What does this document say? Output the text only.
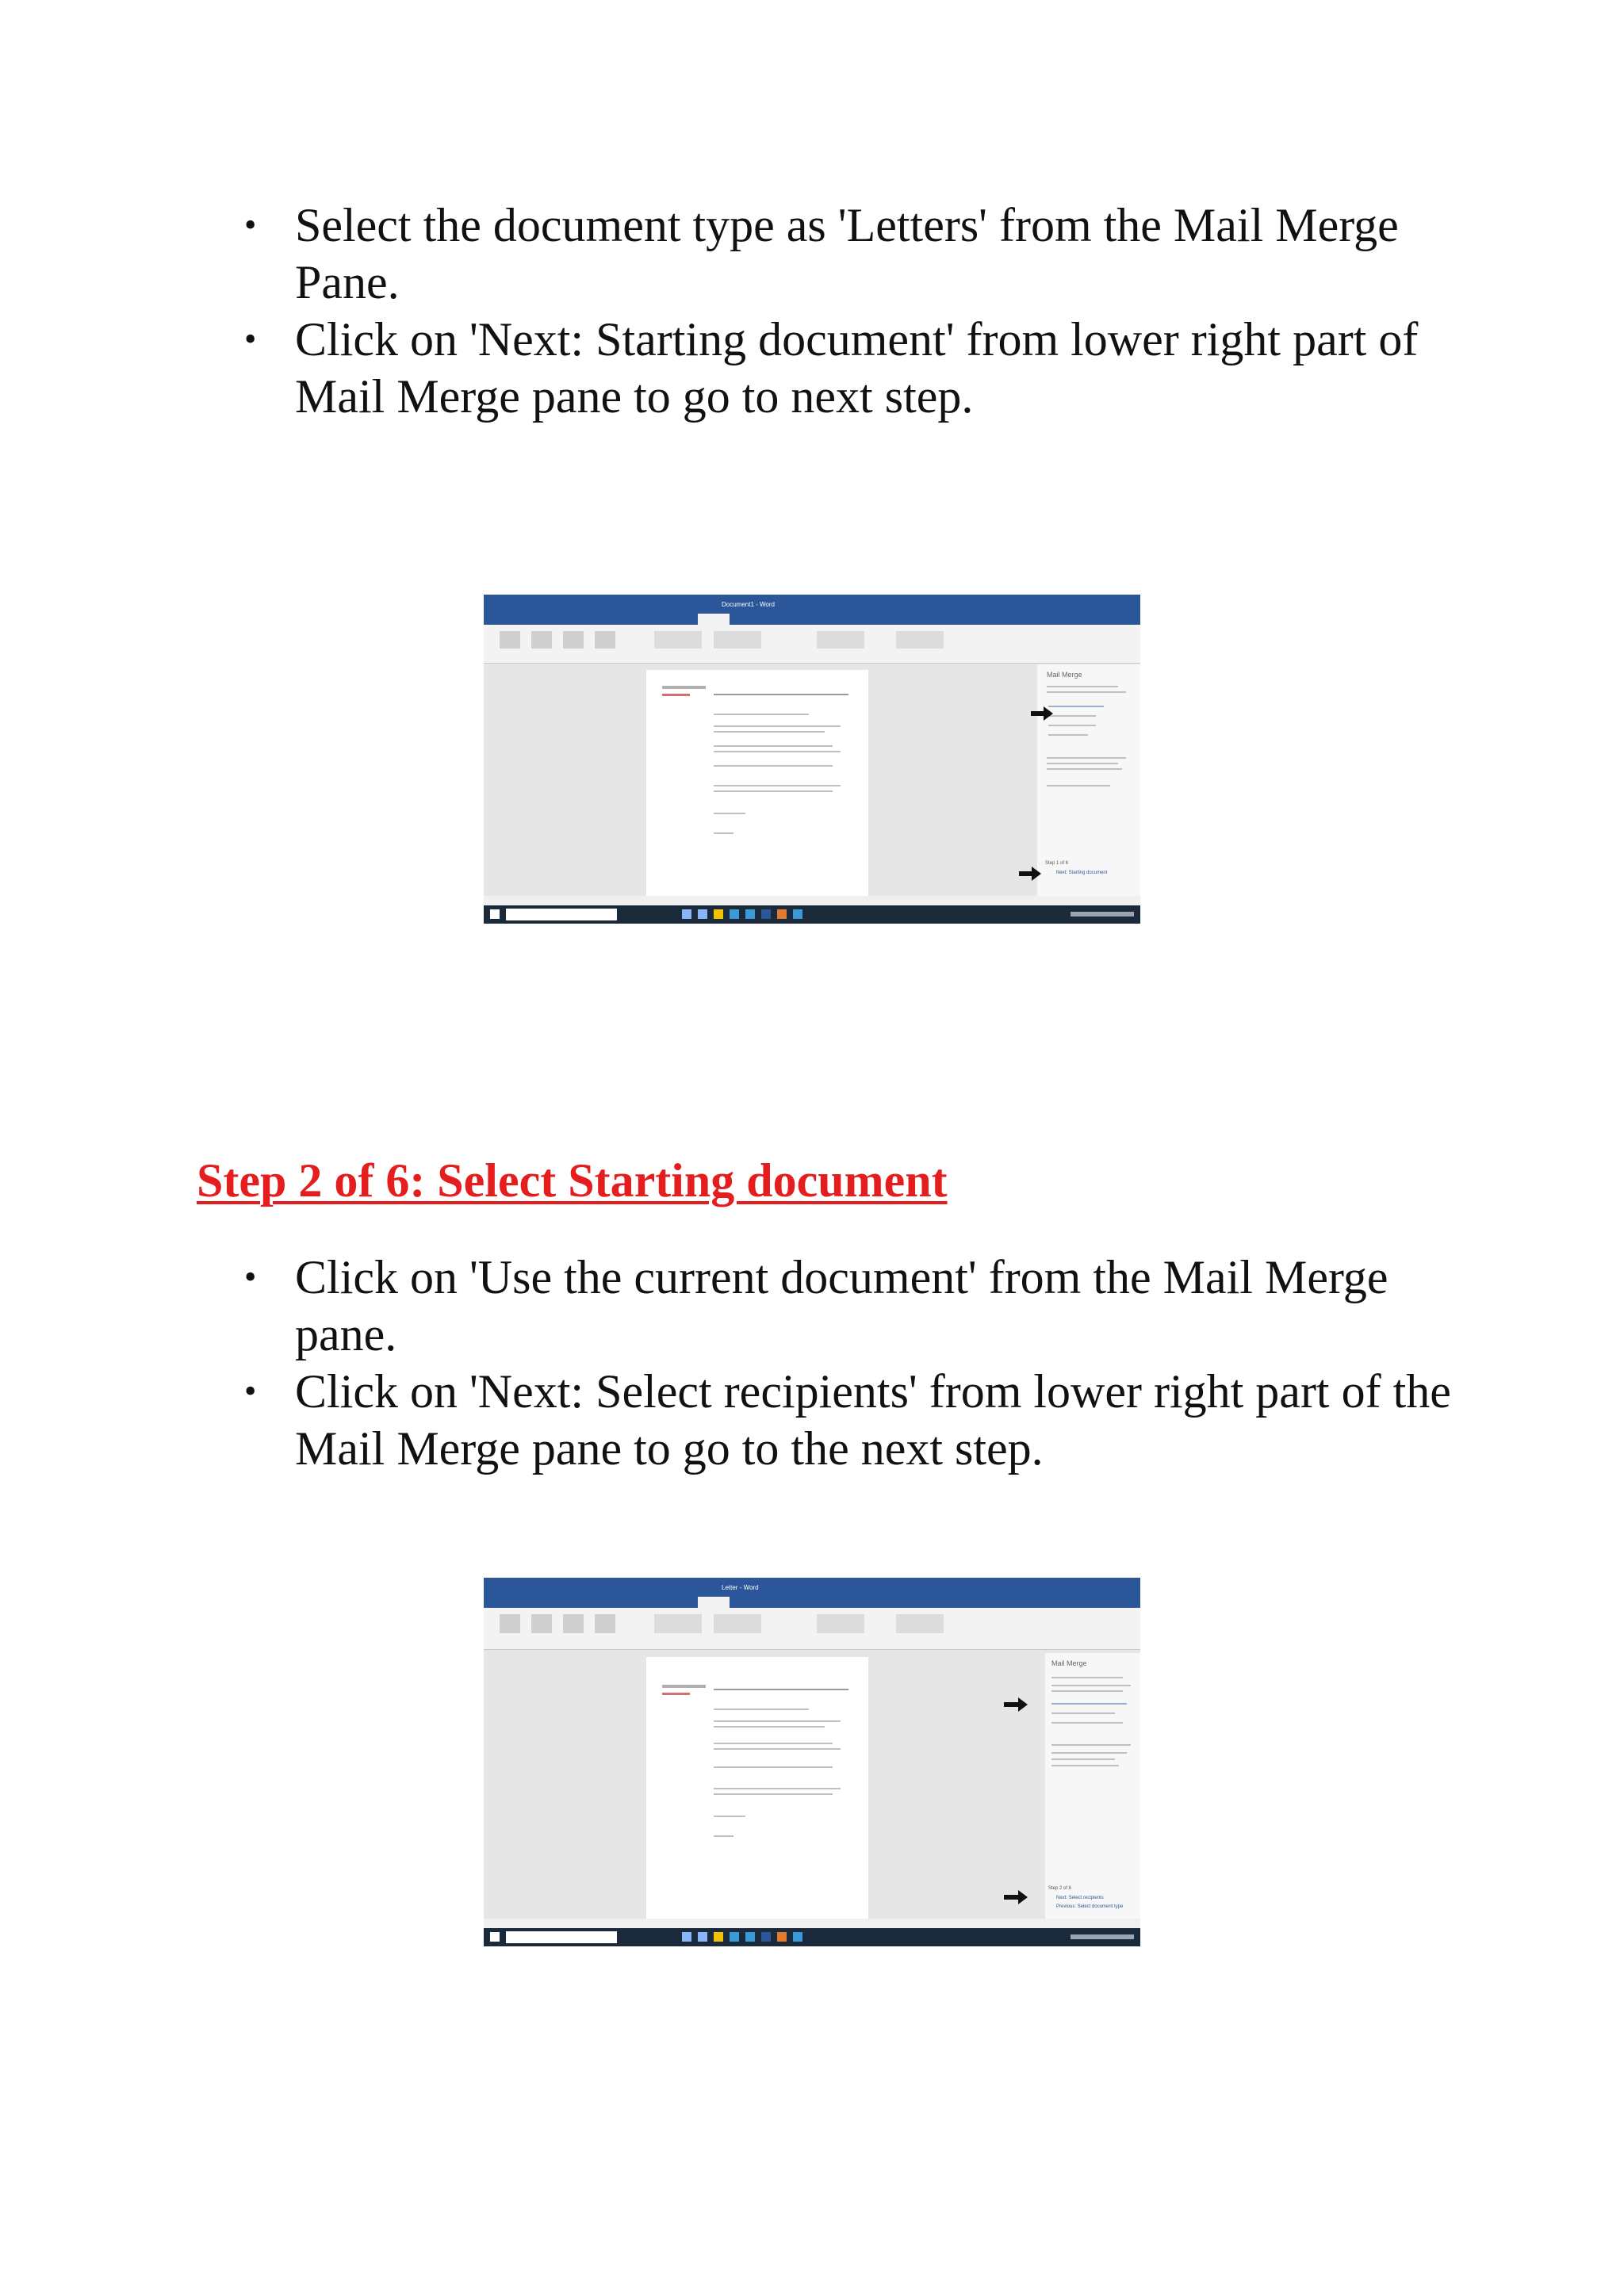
• Select the document type as 'Letters' from the Mail Merge Pane.
• Click on 'Next: Starting document' from lower right part of Mail Merge pane to go to next step.
Document1 - Word
Mail Merge
Step 1 of 6
Next: Starting document
Step 2 of 6: Select Starting document
• Click on 'Use the current document' from the Mail Merge pane.
• Click on 'Next: Select recipients' from lower right part of the Mail Merge pane to go to the next step.
Letter - Word
Mail Merge
Step 2 of 6
Next: Select recipients
Previous: Select document type
